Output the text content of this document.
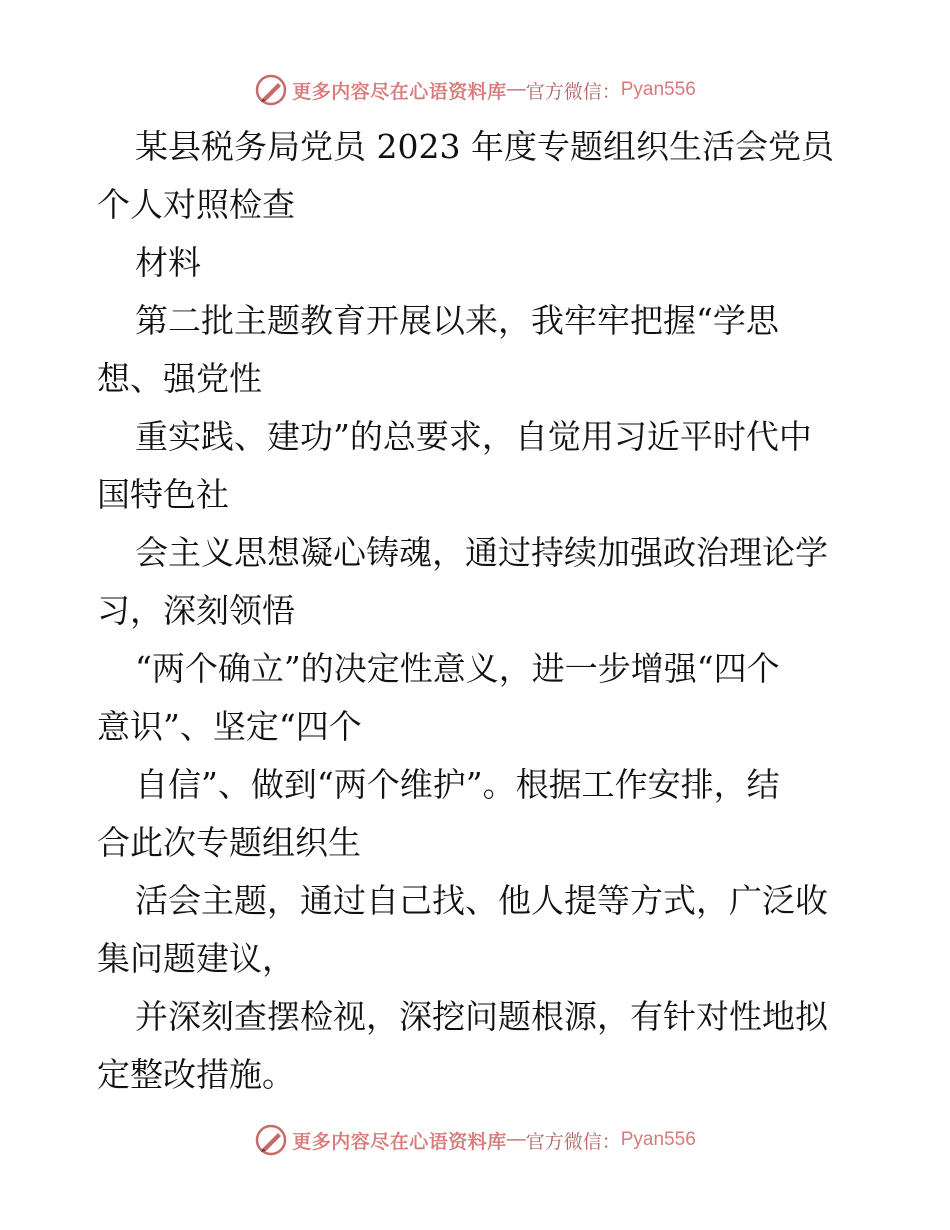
更多内容尽在心语资料库 — 官方微信： Pyan556
某县税务局党员 2023 年度专题组织生活会党员
个人对照检查
材料
第二批主题教育开展以来，我牢牢把握“学思
想、强党性
重实践、建功”的总要求，自觉用习近平时代中
国特色社
会主义思想凝心铸魂，通过持续加强政治理论学
习，深刻领悟
“两个确立”的决定性意义，进一步增强“四个
意识”、坚定“四个
自信”、做到“两个维护”。根据工作安排，结
合此次专题组织生
活会主题，通过自己找、他人提等方式，广泛收
集问题建议，
并深刻查摆检视，深挖问题根源，有针对性地拟
定整改措施。
更多内容尽在心语资料库 — 官方微信： Pyan556
